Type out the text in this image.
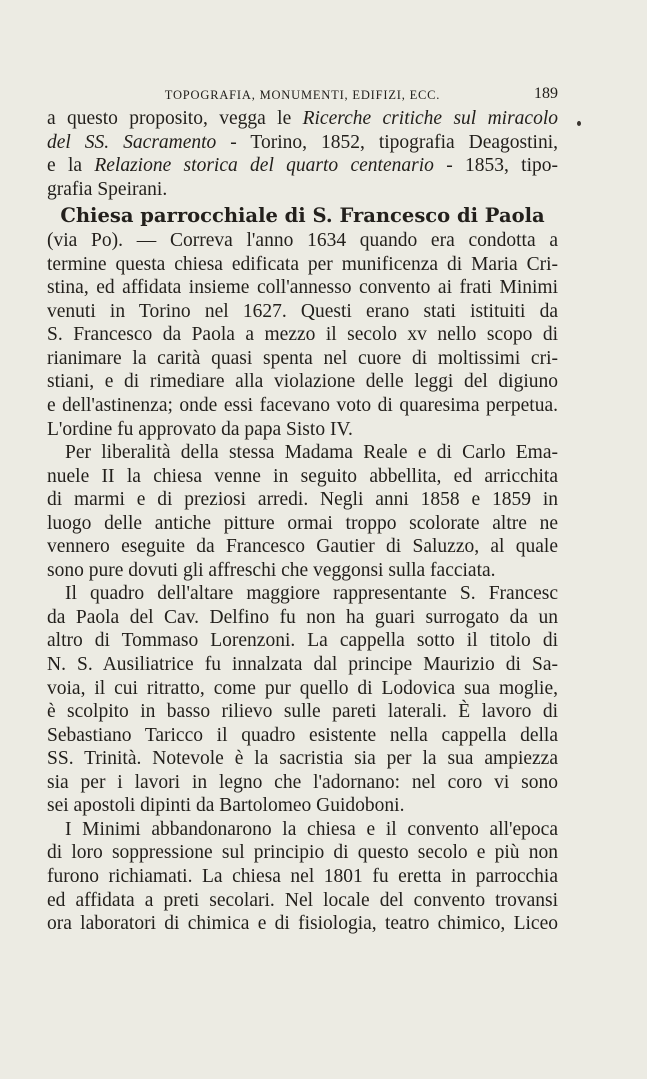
TOPOGRAFIA, MONUMENTI, EDIFIZI, ECC.	189
a questo proposito, vegga le Ricerche critiche sul miracolo
del SS. Sacramento - Torino, 1852, tipografia Deagostini,
e la Relazione storica del quarto centenario - 1853, tipo-
grafia Speirani.
Chiesa parrocchiale di S. Francesco di Paola
(via Po). — Correva l'anno 1634 quando era condotta a
termine questa chiesa edificata per munificenza di Maria Cri-
stina, ed affidata insieme coll'annesso convento ai frati Minimi
venuti in Torino nel 1627. Questi erano stati istituiti da
S. Francesco da Paola a mezzo il secolo xv nello scopo di
rianimare la carità quasi spenta nel cuore di moltissimi cri-
stiani, e di rimediare alla violazione delle leggi del digiuno
e dell'astinenza; onde essi facevano voto di quaresima perpetua.
L'ordine fu approvato da papa Sisto IV.
Per liberalità della stessa Madama Reale e di Carlo Ema-
nuele II la chiesa venne in seguito abbellita, ed arricchita
di marmi e di preziosi arredi. Negli anni 1858 e 1859 in
luogo delle antiche pitture ormai troppo scolorate altre ne
vennero eseguite da Francesco Gautier di Saluzzo, al quale
sono pure dovuti gli affreschi che veggonsi sulla facciata.
Il quadro dell'altare maggiore rappresentante S. Francesc
da Paola del Cav. Delfino fu non ha guari surrogato da un
altro di Tommaso Lorenzoni. La cappella sotto il titolo di
N. S. Ausiliatrice fu innalzata dal principe Maurizio di Sa-
voia, il cui ritratto, come pur quello di Lodovica sua moglie,
è scolpito in basso rilievo sulle pareti laterali. È lavoro di
Sebastiano Taricco il quadro esistente nella cappella della
SS. Trinità. Notevole è la sacristia sia per la sua ampiezza
sia per i lavori in legno che l'adornano: nel coro vi sono
sei apostoli dipinti da Bartolomeo Guidoboni.
I Minimi abbandonarono la chiesa e il convento all'epoca
di loro soppressione sul principio di questo secolo e più non
furono richiamati. La chiesa nel 1801 fu eretta in parrocchia
ed affidata a preti secolari. Nel locale del convento trovansi
ora laboratori di chimica e di fisiologia, teatro chimico, Liceo
